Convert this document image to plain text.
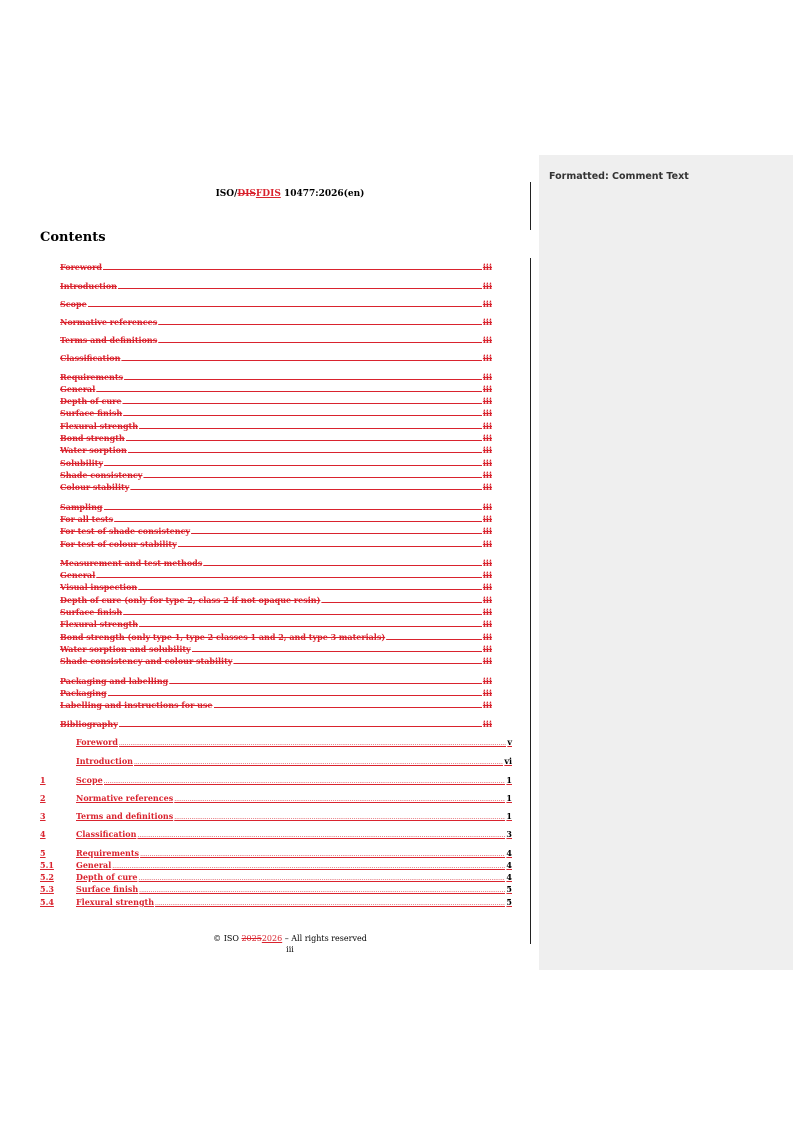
Formatted: Comment Text
ISO/DISFDIS 10477:2026(en)
Contents
Foreword .....	iii
Introduction .....	iii
Scope .....	iii
Normative references .....	iii
Terms and definitions .....	iii
Classification .....	iii
Requirements .....	iii
General .....	iii
Depth of cure .....	iii
Surface finish .....	iii
Flexural strength .....	iii
Bond strength .....	iii
Water sorption .....	iii
Solubility .....	iii
Shade consistency .....	iii
Colour stability .....	iii
Sampling .....	iii
For all tests .....	iii
For test of shade consistency .....	iii
For test of colour stability .....	iii
Measurement and test methods .....	iii
General .....	iii
Visual inspection .....	iii
Depth of cure (only for type 2, class 2 if not opaque resin) .....	iii
Surface finish .....	iii
Flexural strength .....	iii
Bond strength (only type 1, type 2 classes 1 and 2, and type 3 materials) .....	iii
Water sorption and solubility .....	iii
Shade consistency and colour stability .....	iii
Packaging and labelling .....	iii
Packaging .....	iii
Labelling and instructions for use .....	iii
Bibliography .....	iii
Foreword .....	v
Introduction .....	vi
1	Scope .....	1
2	Normative references .....	1
3	Terms and definitions .....	1
4	Classification .....	3
5	Requirements .....	4
5.1	General .....	4
5.2	Depth of cure .....	4
5.3	Surface finish .....	5
5.4	Flexural strength .....	5
© ISO 20252026 – All rights reserved
iii
